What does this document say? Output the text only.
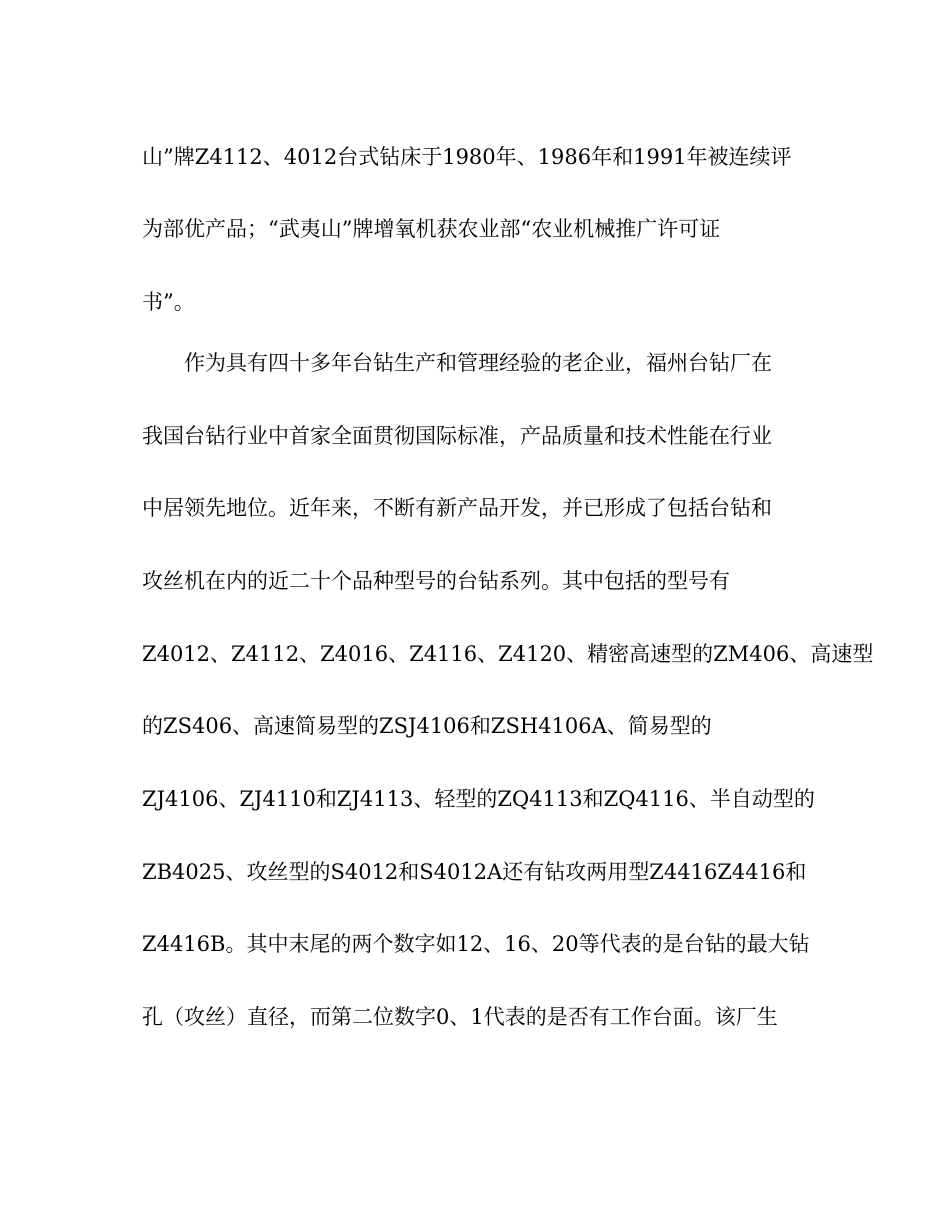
山”牌Z4112、4012台式钻床于1980年、1986年和1991年被连续评
为部优产品；“武夷山”牌增氧机获农业部“农业机械推广许可证
书”。
作为具有四十多年台钻生产和管理经验的老企业，福州台钻厂在
我国台钻行业中首家全面贯彻国际标准，产品质量和技术性能在行业
中居领先地位。近年来，不断有新产品开发，并已形成了包括台钻和
攻丝机在内的近二十个品种型号的台钻系列。其中包括的型号有
Z4012、Z4112、Z4016、Z4116、Z4120、精密高速型的ZM406、高速型
的ZS406、高速简易型的ZSJ4106和ZSH4106A、简易型的
ZJ4106、ZJ4110和ZJ4113、轻型的ZQ4113和ZQ4116、半自动型的
ZB4025、攻丝型的S4012和S4012A还有钻攻两用型Z4416Z4416和
Z4416B。其中末尾的两个数字如12、16、20等代表的是台钻的最大钻
孔（攻丝）直径，而第二位数字0、1代表的是否有工作台面。该厂生
